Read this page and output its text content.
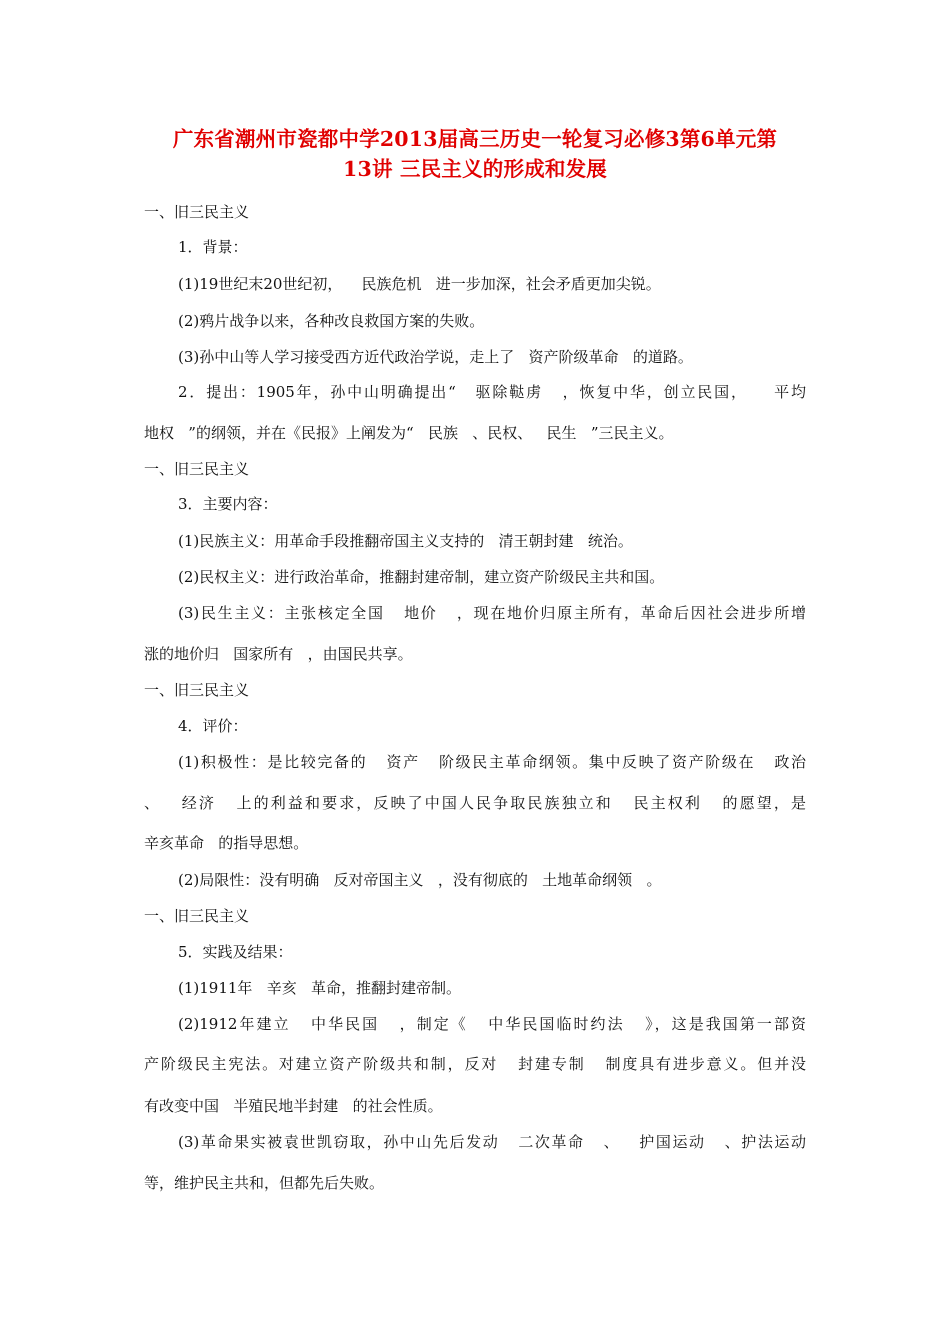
广东省潮州市瓷都中学2013届高三历史一轮复习必修3第6单元第
13讲 三民主义的形成和发展
一、旧三民主义
1．背景：
(1)19世纪末20世纪初，    民族危机   进一步加深，社会矛盾更加尖锐。
(2)鸦片战争以来，各种改良救国方案的失败。
(3)孙中山等人学习接受西方近代政治学说，走上了   资产阶级革命   的道路。
2．提出：1905年，孙中山明确提出“   驱除鞑虏   ，恢复中华，创立民国，    平均
地权   ”的纲领，并在《民报》上阐发为“   民族   、民权、   民生   ”三民主义。
一、旧三民主义
3．主要内容：
(1)民族主义：用革命手段推翻帝国主义支持的   清王朝封建   统治。
(2)民权主义：进行政治革命，推翻封建帝制，建立资产阶级民主共和国。
(3)民生主义：主张核定全国   地价   ，现在地价归原主所有，革命后因社会进步所增
涨的地价归   国家所有   ，由国民共享。
一、旧三民主义
4．评价：
(1)积极性：是比较完备的   资产   阶级民主革命纲领。集中反映了资产阶级在   政治
、   经济   上的利益和要求，反映了中国人民争取民族独立和   民主权利   的愿望，是
辛亥革命   的指导思想。
(2)局限性：没有明确   反对帝国主义   ，没有彻底的   土地革命纲领   。
一、旧三民主义
5．实践及结果：
(1)1911年   辛亥   革命，推翻封建帝制。
(2)1912年建立   中华民国   ，制定《   中华民国临时约法   》，这是我国第一部资
产阶级民主宪法。对建立资产阶级共和制，反对   封建专制   制度具有进步意义。但并没
有改变中国   半殖民地半封建   的社会性质。
(3)革命果实被袁世凯窃取，孙中山先后发动   二次革命   、   护国运动   、护法运动
等，维护民主共和，但都先后失败。
